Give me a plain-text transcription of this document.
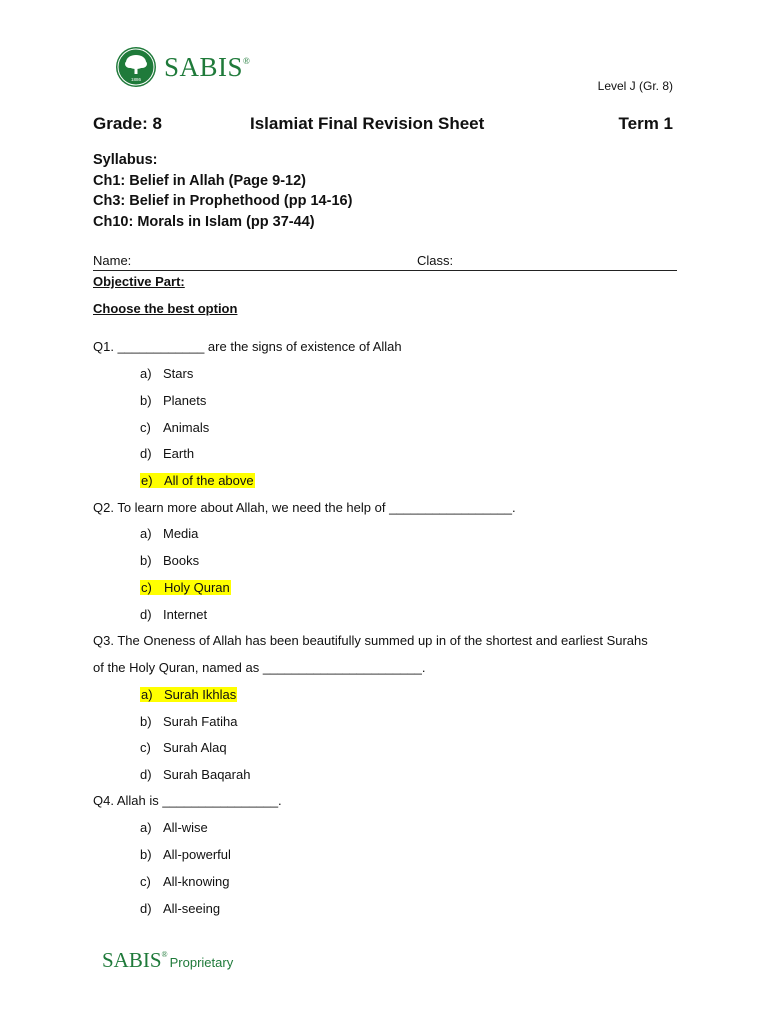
1886 SABIS®
Level J (Gr. 8)
Grade: 8	Islamiat Final Revision Sheet	Term 1
Syllabus:
Ch1: Belief in Allah (Page 9-12)
Ch3: Belief in Prophethood (pp 14-16)
Ch10: Morals in Islam (pp 37-44)
Name:	Class:
Objective Part:
Choose the best option
Q1. ____________ are the signs of existence of Allah
a) Stars
b) Planets
c) Animals
d) Earth
e) All of the above
Q2. To learn more about Allah, we need the help of _________________.
a) Media
b) Books
c) Holy Quran
d) Internet
Q3. The Oneness of Allah has been beautifully summed up in of the shortest and earliest Surahs
of the Holy Quran, named as ______________________.
a) Surah Ikhlas
b) Surah Fatiha
c) Surah Alaq
d) Surah Baqarah
Q4. Allah is ________________.
a) All-wise
b) All-powerful
c) All-knowing
d) All-seeing
SABIS®
Proprietary
